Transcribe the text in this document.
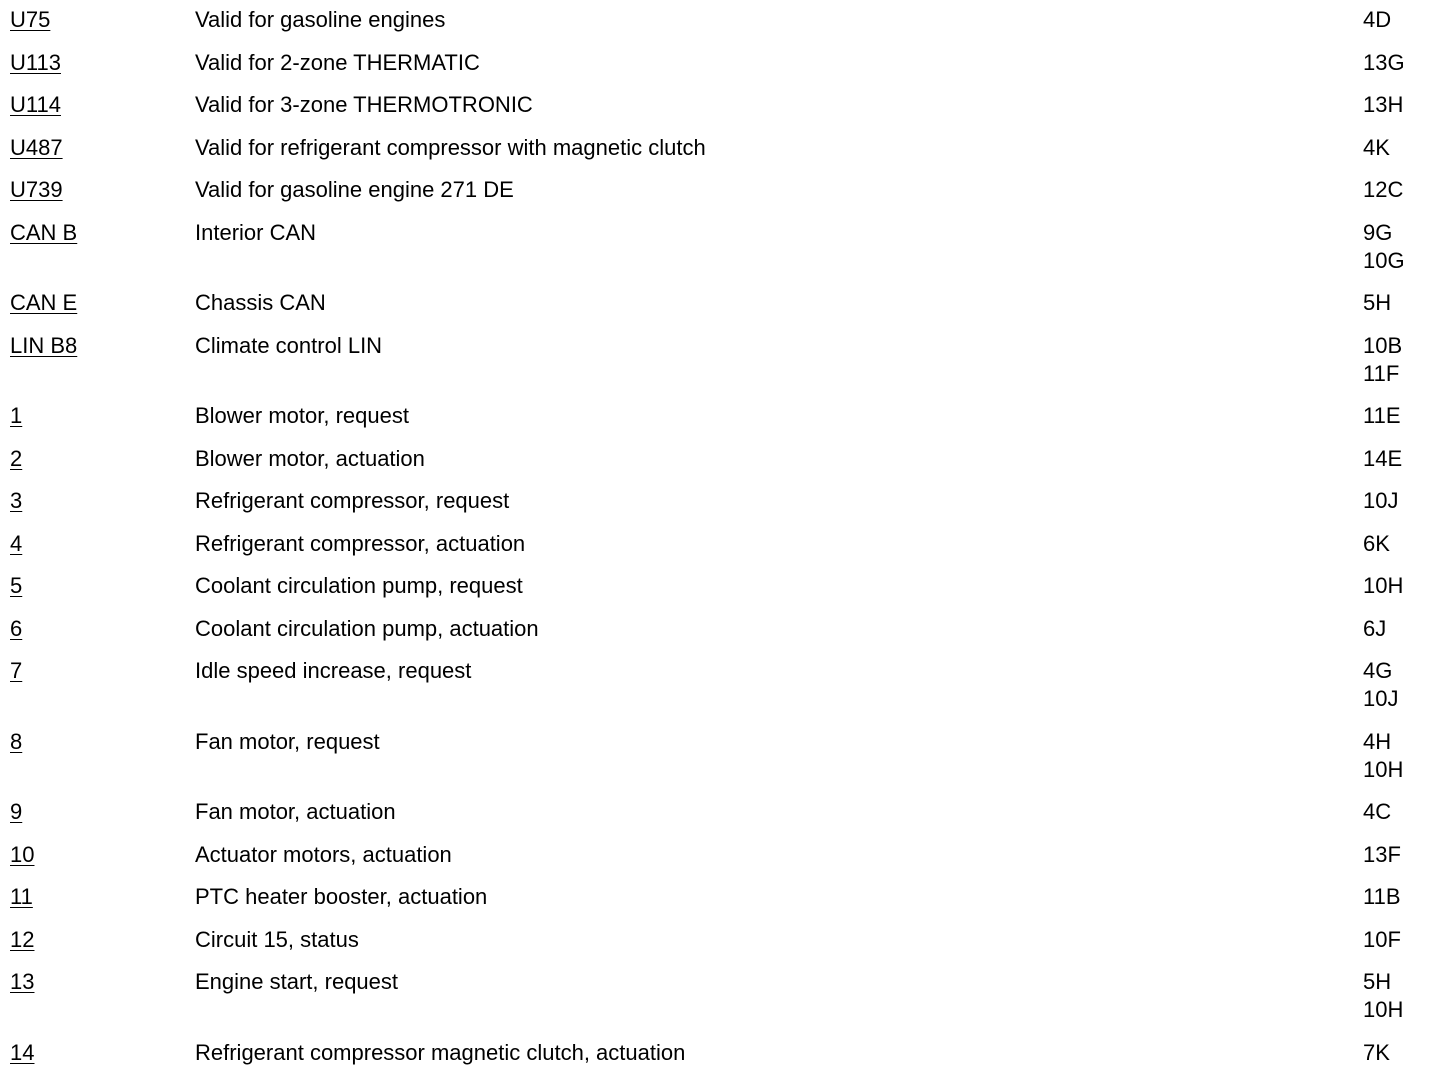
U75	Valid for gasoline engines	4D
U113	Valid for 2-zone THERMATIC	13G
U114	Valid for 3-zone THERMOTRONIC	13H
U487	Valid for refrigerant compressor with magnetic clutch	4K
U739	Valid for gasoline engine 271 DE	12C
CAN B	Interior CAN	9G
10G
CAN E	Chassis CAN	5H
LIN B8	Climate control LIN	10B
11F
1	Blower motor, request	11E
2	Blower motor, actuation	14E
3	Refrigerant compressor, request	10J
4	Refrigerant compressor, actuation	6K
5	Coolant circulation pump, request	10H
6	Coolant circulation pump, actuation	6J
7	Idle speed increase, request	4G
10J
8	Fan motor, request	4H
10H
9	Fan motor, actuation	4C
10	Actuator motors, actuation	13F
11	PTC heater booster, actuation	11B
12	Circuit 15, status	10F
13	Engine start, request	5H
10H
14	Refrigerant compressor magnetic clutch, actuation	7K
